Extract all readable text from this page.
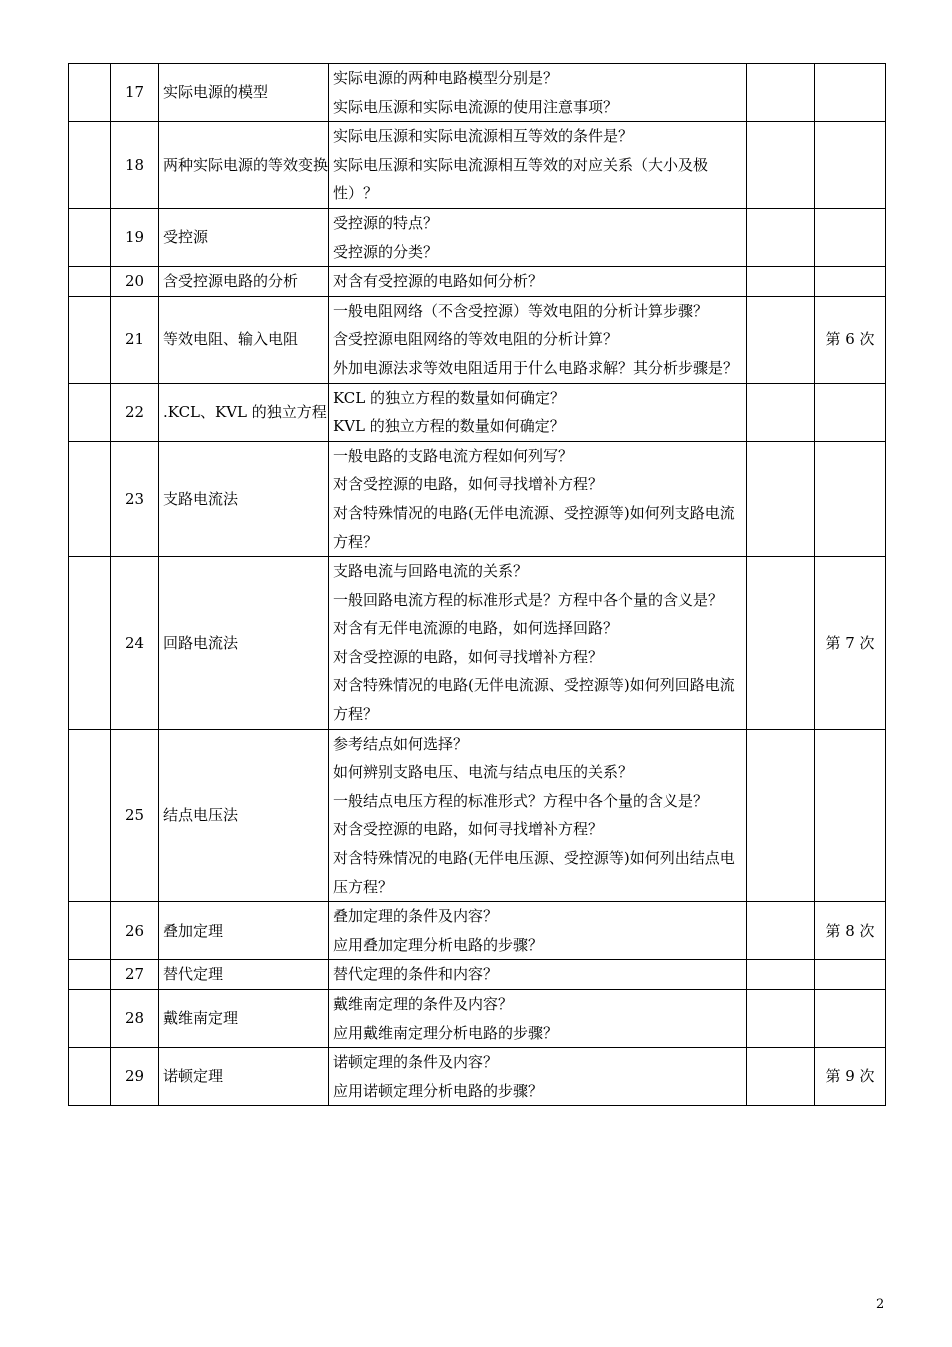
	17	实际电源的模型	实际电源的两种电路模型分别是？
实际电压源和实际电流源的使用注意事项？		

	18	两种实际电源的等效变换	实际电压源和实际电流源相互等效的条件是？
实际电压源和实际电流源相互等效的对应关系（大小及极性）？		

	19	受控源	受控源的特点？
受控源的分类？		

	20	含受控源电路的分析	对含有受控源的电路如何分析？		

	21	等效电阻、输入电阻	一般电阻网络（不含受控源）等效电阻的分析计算步骤？
含受控源电阻网络的等效电阻的分析计算？
外加电源法求等效电阻适用于什么电路求解？其分析步骤是？		第 6 次
	22	.KCL、KVL 的独立方程	KCL 的独立方程的数量如何确定？
KVL 的独立方程的数量如何确定？		

	23	支路电流法	一般电路的支路电流方程如何列写？
对含受控源的电路，如何寻找增补方程？
对含特殊情况的电路(无伴电流源、受控源等)如何列支路电流方程？		

	24	回路电流法	支路电流与回路电流的关系？
一般回路电流方程的标准形式是？方程中各个量的含义是？
对含有无伴电流源的电路，如何选择回路？
对含受控源的电路，如何寻找增补方程？
对含特殊情况的电路(无伴电流源、受控源等)如何列回路电流方程？		第 7 次
	25	结点电压法	参考结点如何选择？
如何辨别支路电压、电流与结点电压的关系？
一般结点电压方程的标准形式？方程中各个量的含义是？
对含受控源的电路，如何寻找增补方程？
对含特殊情况的电路(无伴电压源、受控源等)如何列出结点电压方程？		

	26	叠加定理	叠加定理的条件及内容？
应用叠加定理分析电路的步骤？		第 8 次
	27	替代定理	替代定理的条件和内容？		

	28	戴维南定理	戴维南定理的条件及内容？
应用戴维南定理分析电路的步骤？		

	29	诺顿定理	诺顿定理的条件及内容？
应用诺顿定理分析电路的步骤？		第 9 次
2
